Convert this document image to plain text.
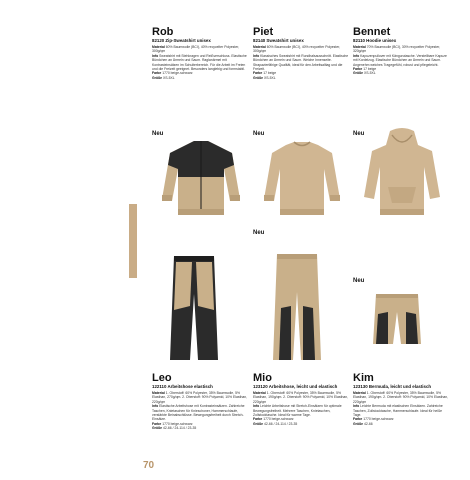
Rob
82120 Zip-Sweatshirt unisex
Material 60% Baumwolle (BCI), 40% recycelter Polyester, 300g/qm
Info Sweatshirt mit Stehkragen und Reißverschluss. Elastische Bündchen an Ärmeln und Saum. Raglanärmel mit Kontrasteinsätzen im Schulterbereich. Für die Arbeit im Freien und die Freizeit geeignet. Besonders langlebig und formstabil.
Farbe 1770 beige-schwarz
Größe XS-5XL
Piet
82140 Sweatshirt unisex
Material 60% Baumwolle (BCI), 40% recycelter Polyester, 300g/qm
Info Klassisches Sweatshirt mit Rundhalsausschnitt. Elastische Bündchen an Ärmeln und Saum. Weiche Innenseite. Strapazierfähige Qualität, ideal für den Arbeitsalltag und die Freizeit.
Farbe 17 beige
Größe XS-5XL
Bennet
82110 Hoodie unisex
Material 70% Baumwolle (BCI), 30% recycelter Polyester, 320g/qm
Info Kapuzenpullover mit Kängurutasche. Verstellbare Kapuze mit Kordelzug. Elastische Bündchen an Ärmeln und Saum. Angenehm weiches Tragegefühl, robust und pflegeleicht.
Farbe 17 beige
Größe XS-5XL
Neu	Neu	Neu
Neu
Neu
Leo
122110 Arbeitshose elastisch
Material 1. Oberstoff: 60% Polyester, 35% Baumwolle, 5% Elasthan, 270g/qm. 2. Oberstoff: 90% Polyamid, 10% Elasthan, 220g/qm
Info Elastische Arbeitshose mit Kontrasteinsätzen. Zahlreiche Taschen, Knietaschen für Knieschoner, Hammerschlaufe, verstärkte Beinabschlüsse. Bewegungsfreiheit durch Stretch-Einsätze.
Farbe 1770 beige-schwarz
Größe 42-66 / 24-114 / 23-35
Mio
123120 Arbeitshose, leicht und elastisch
Material 1. Oberstoff: 60% Polyester, 35% Baumwolle, 5% Elasthan, 190g/qm. 2. Oberstoff: 90% Polyamid, 10% Elasthan, 220g/qm
Info Leichte Arbeitshose mit Stretch-Einsätzen für optimale Bewegungsfreiheit. Mehrere Taschen, Knietaschen, Zollstocktasche. Ideal für warme Tage.
Farbe 1770 beige-schwarz
Größe 42-66 / 24-114 / 23-35
Kim
123130 Bermuda, leicht und elastisch
Material 1. Oberstoff: 60% Polyester, 35% Baumwolle, 5% Elasthan, 190g/qm. 2. Oberstoff: 90% Polyamid, 10% Elasthan, 220g/qm
Info Leichte Bermuda mit elastischen Einsätzen. Zahlreiche Taschen, Zollstocktasche, Hammerschlaufe. Ideal für heiße Tage.
Farbe 1770 beige-schwarz
Größe 42-66
70
